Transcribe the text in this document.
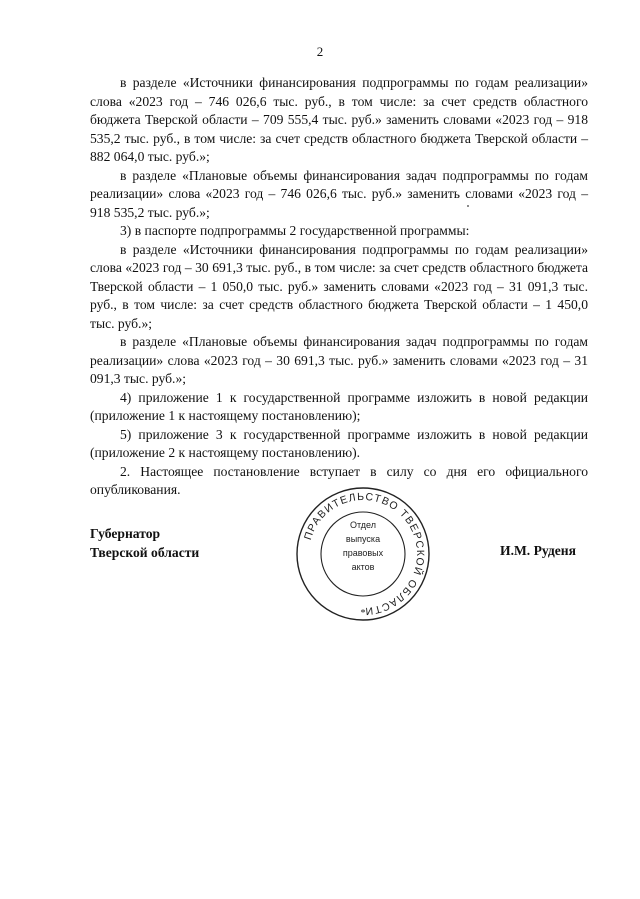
2

в разделе «Источники финансирования подпрограммы по годам реализации» слова «2023 год – 746 026,6 тыс. руб., в том числе: за счет средств областного бюджета Тверской области – 709 555,4 тыс. руб.» заменить словами «2023 год – 918 535,2 тыс. руб., в том числе: за счет средств областного бюджета Тверской области – 882 064,0 тыс. руб.»;

в разделе «Плановые объемы финансирования задач подпрограммы по годам реализации» слова «2023 год – 746 026,6 тыс. руб.» заменить словами «2023 год – 918 535,2 тыс. руб.»;

3) в паспорте подпрограммы 2 государственной программы:

в разделе «Источники финансирования подпрограммы по годам реализации» слова «2023 год – 30 691,3 тыс. руб., в том числе: за счет средств областного бюджета Тверской области – 1 050,0 тыс. руб.» заменить словами «2023 год – 31 091,3 тыс. руб., в том числе: за счет средств областного бюджета Тверской области – 1 450,0 тыс. руб.»;

в разделе «Плановые объемы финансирования задач подпрограммы по годам реализации» слова «2023 год – 30 691,3 тыс. руб.» заменить словами «2023 год – 31 091,3 тыс. руб.»;

4) приложение 1 к государственной программе изложить в новой редакции (приложение 1 к настоящему постановлению);

5) приложение 3 к государственной программе изложить в новой редакции (приложение 2 к настоящему постановлению).

2. Настоящее постановление вступает в силу со дня его официального опубликования.

Губернатор
Тверской области
ПРАВИТЕЛЬСТВО ТВЕРСКОЙ ОБЛАСТИ
Отдел
выпуска
правовых
актов
*
И.М. Руденя
